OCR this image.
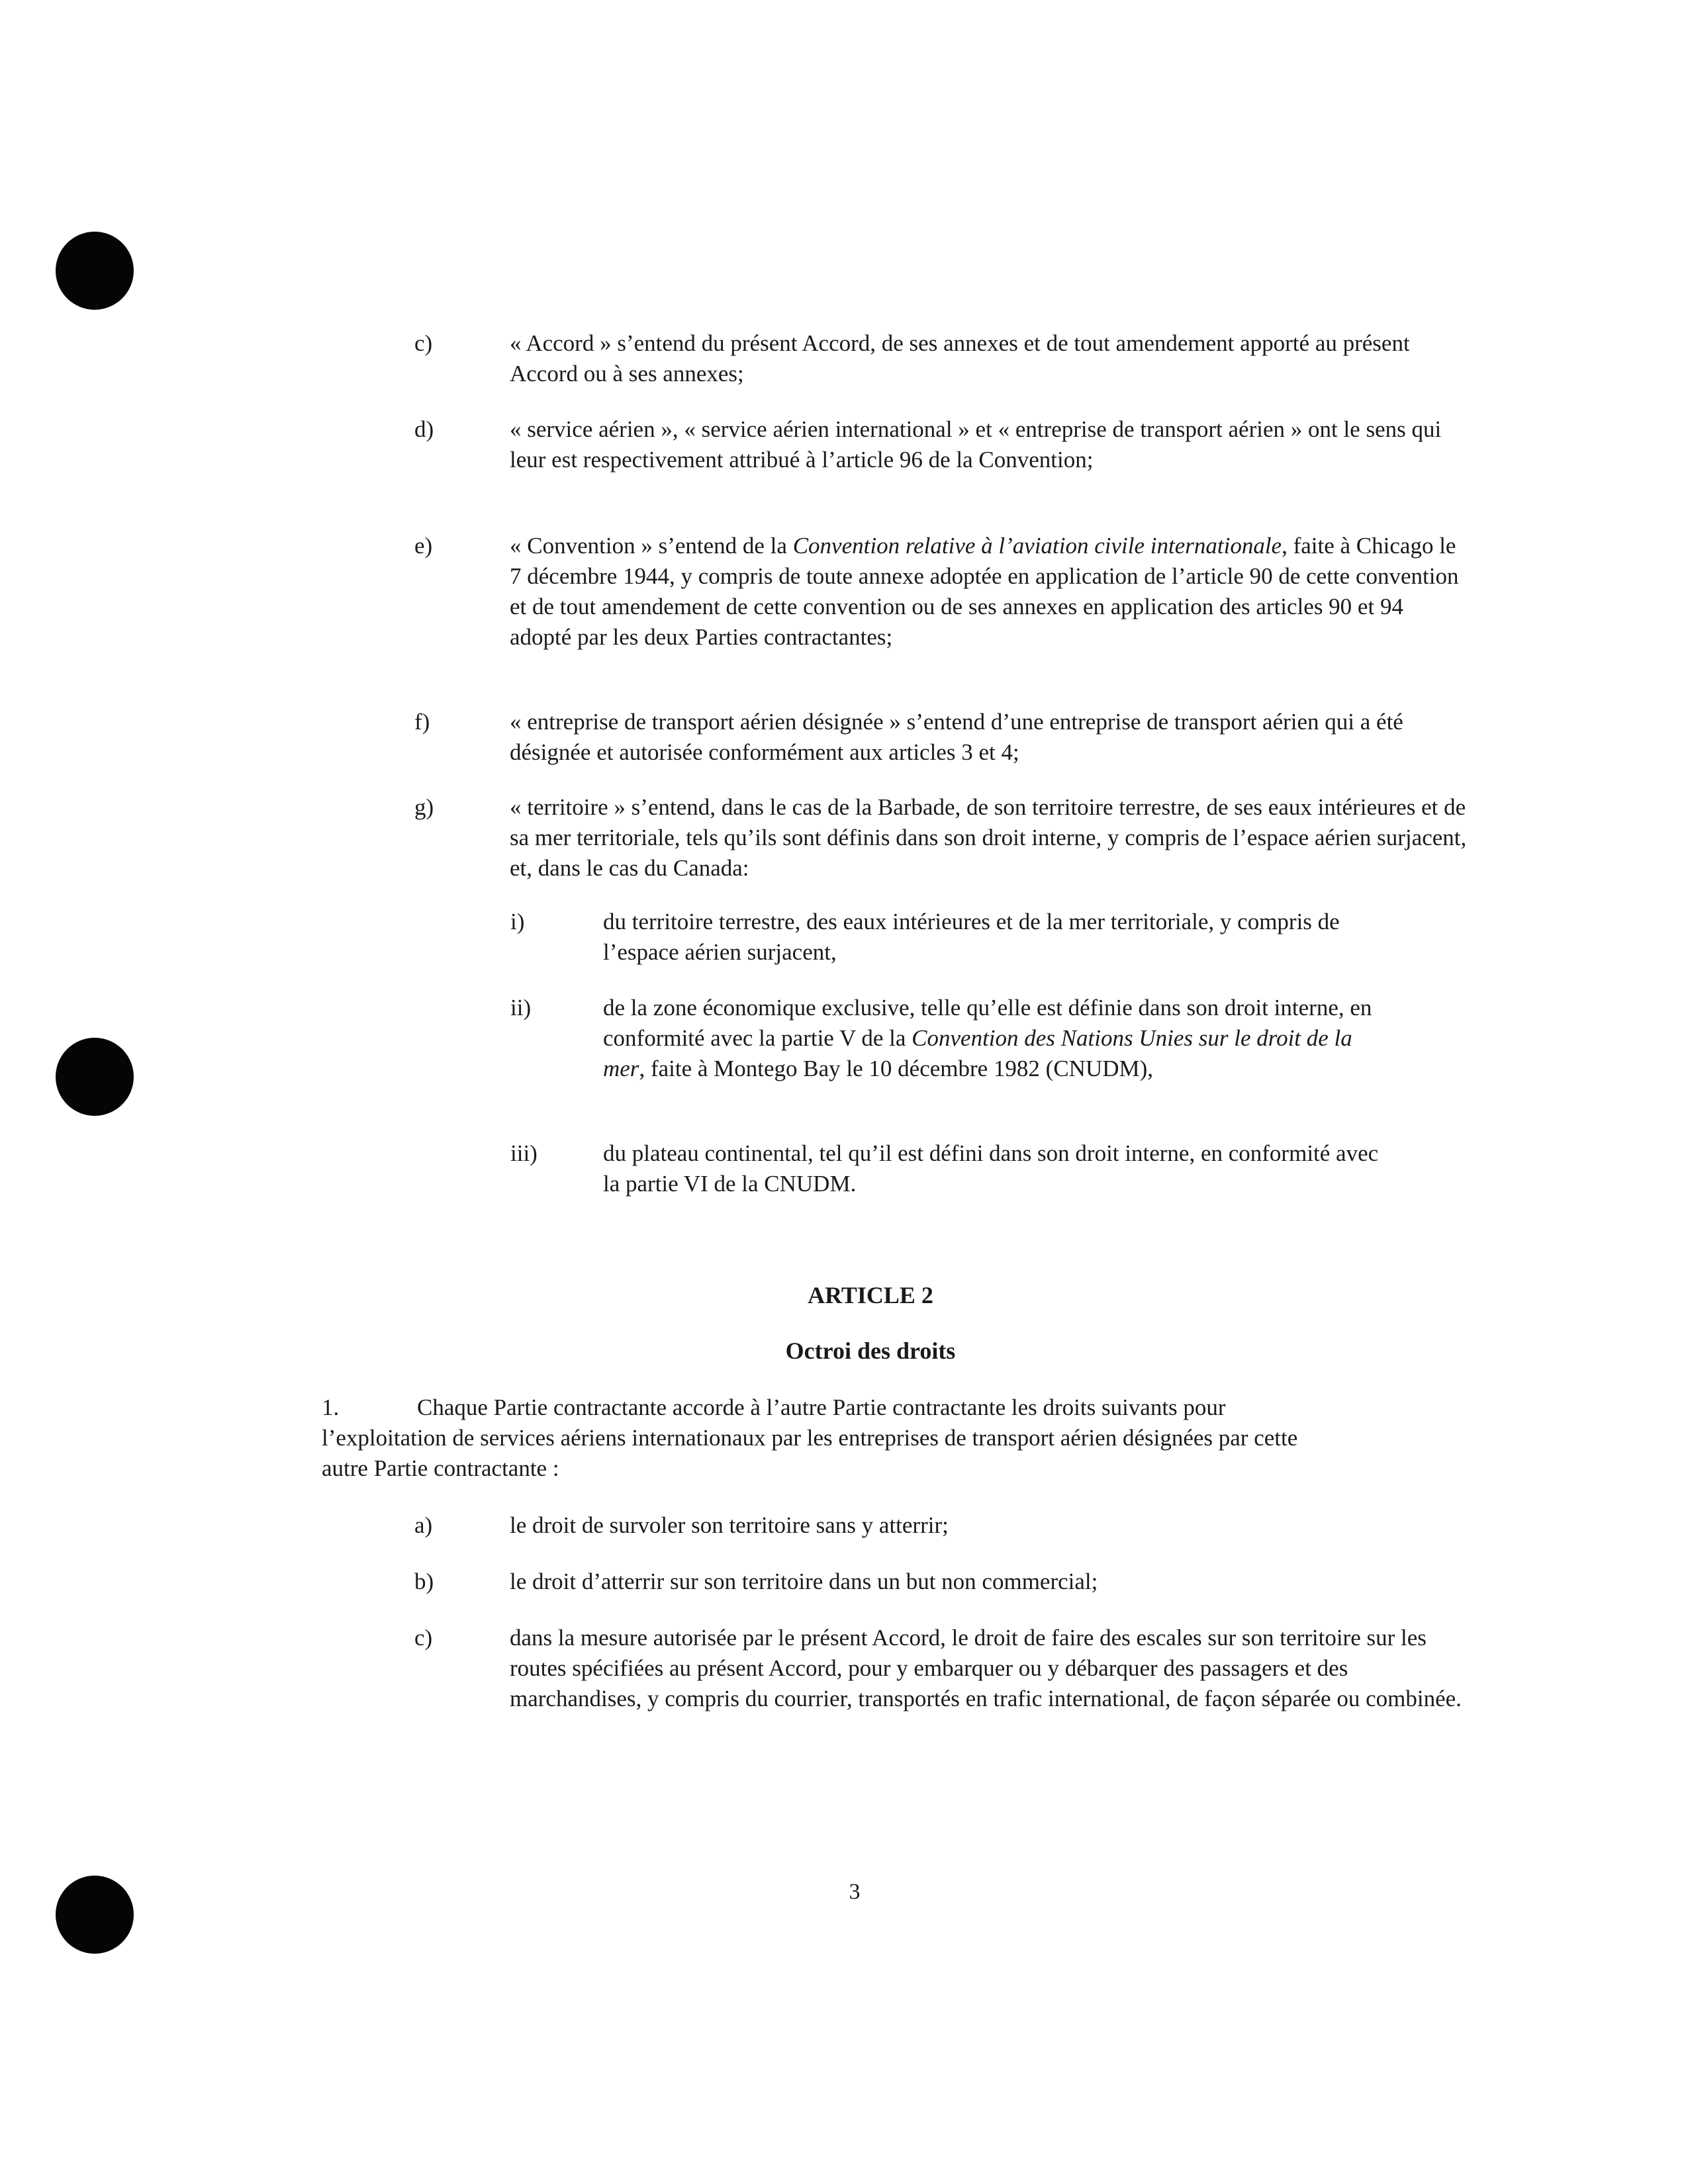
c)	« Accord » s’entend du présent Accord, de ses annexes et de tout amendement apporté au présent Accord ou à ses annexes;
d)	« service aérien », « service aérien international » et « entreprise de transport aérien » ont le sens qui leur est respectivement attribué à l’article 96 de la Convention;
e)	« Convention » s’entend de la Convention relative à l’aviation civile internationale, faite à Chicago le 7 décembre 1944, y compris de toute annexe adoptée en application de l’article 90 de cette convention et de tout amendement de cette convention ou de ses annexes en application des articles 90 et 94 adopté par les deux Parties contractantes;
f)	« entreprise de transport aérien désignée » s’entend d’une entreprise de transport aérien qui a été désignée et autorisée conformément aux articles 3 et 4;
g)	« territoire » s’entend, dans le cas de la Barbade, de son territoire terrestre, de ses eaux intérieures et de sa mer territoriale, tels qu’ils sont définis dans son droit interne, y compris de l’espace aérien surjacent, et, dans le cas du Canada:
i)	du territoire terrestre, des eaux intérieures et de la mer territoriale, y compris de l’espace aérien surjacent,
ii)	de la zone économique exclusive, telle qu’elle est définie dans son droit interne, en conformité avec la partie V de la Convention des Nations Unies sur le droit de la mer, faite à Montego Bay le 10 décembre 1982 (CNUDM),
iii)	du plateau continental, tel qu’il est défini dans son droit interne, en conformité avec la partie VI de la CNUDM.
ARTICLE 2
Octroi des droits
1.	Chaque Partie contractante accorde à l’autre Partie contractante les droits suivants pour l’exploitation de services aériens internationaux par les entreprises de transport aérien désignées par cette autre Partie contractante :
a)	le droit de survoler son territoire sans y atterrir;
b)	le droit d’atterrir sur son territoire dans un but non commercial;
c)	dans la mesure autorisée par le présent Accord, le droit de faire des escales sur son territoire sur les routes spécifiées au présent Accord, pour y embarquer ou y débarquer des passagers et des marchandises, y compris du courrier, transportés en trafic international, de façon séparée ou combinée.
3
